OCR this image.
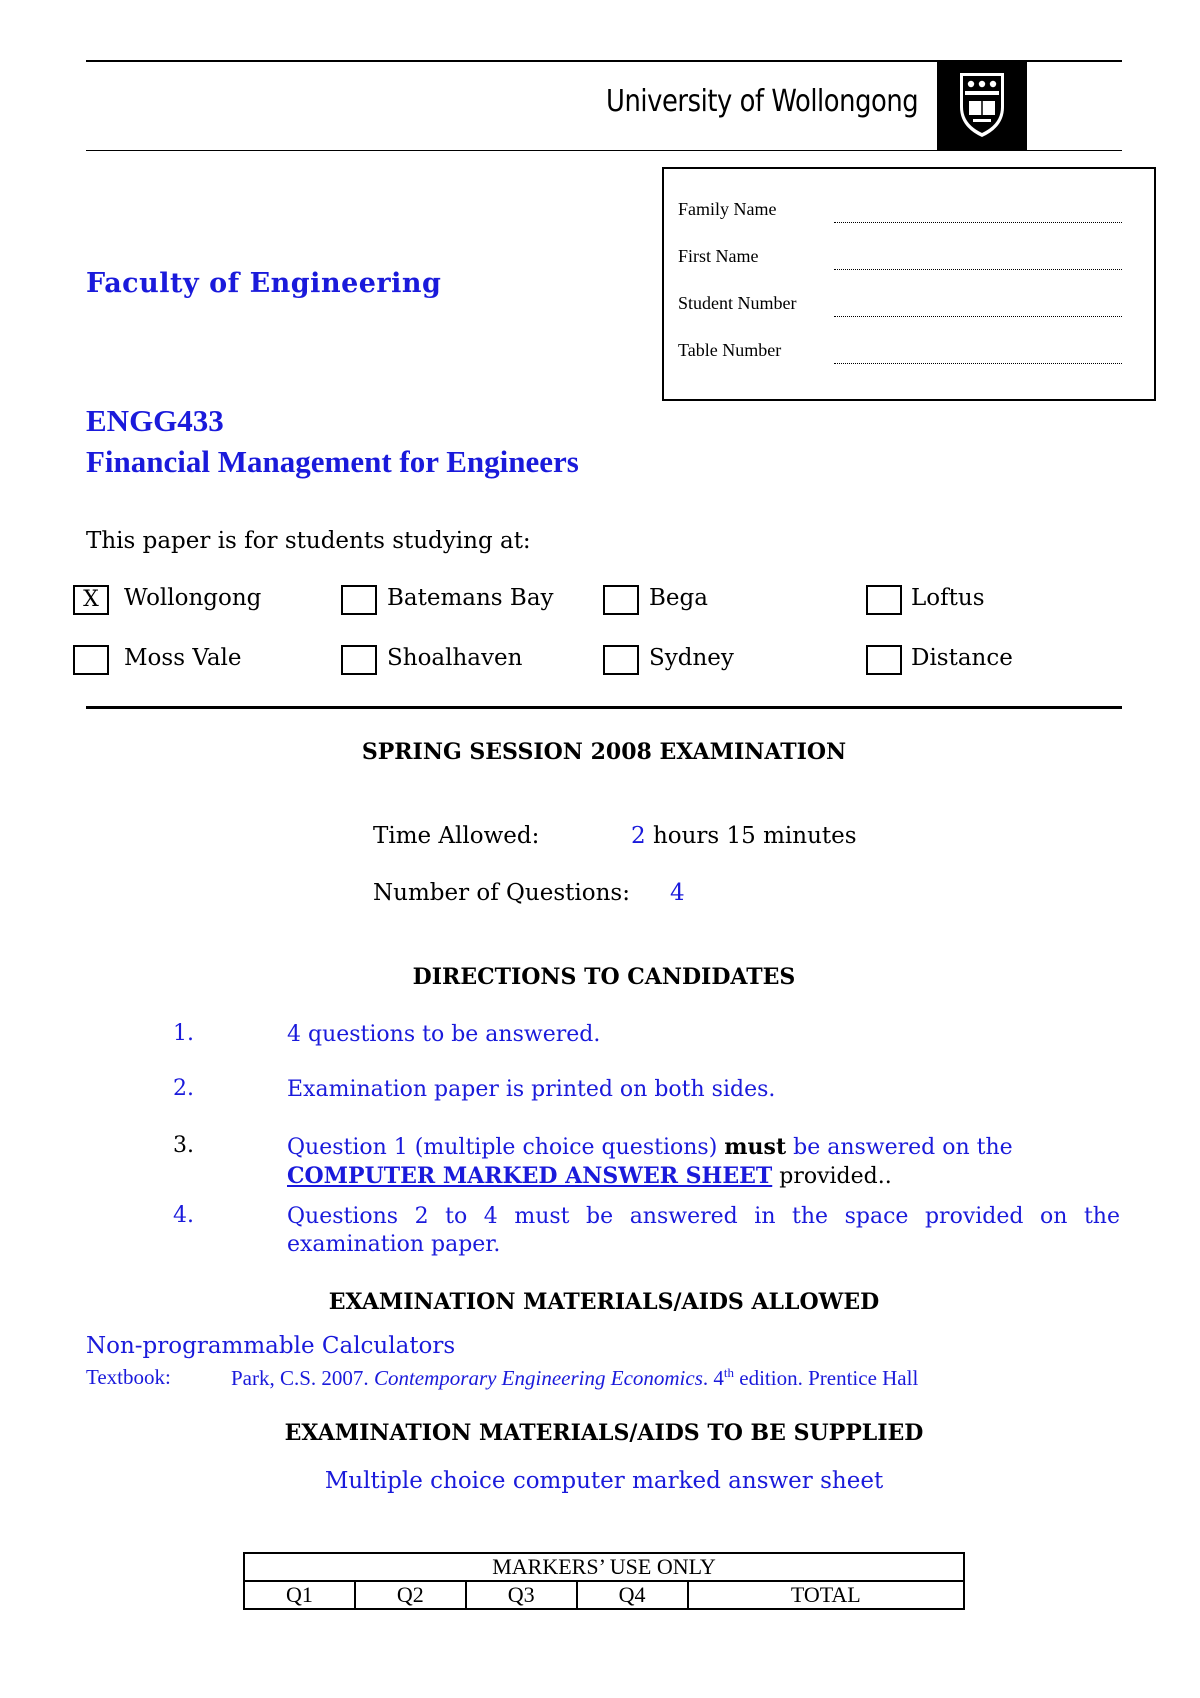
University of Wollongong
Family Name
First Name
Student Number
Table Number
Faculty of Engineering
ENGG433
Financial Management for Engineers
This paper is for students studying at:
X	Wollongong	Batemans Bay	Bega	Loftus
Moss Vale	Shoalhaven	Sydney	Distance
SPRING SESSION 2008 EXAMINATION
Time Allowed:	2 hours 15 minutes
Number of Questions: 4
DIRECTIONS TO CANDIDATES
1.	4 questions to be answered.
2.	Examination paper is printed on both sides.
3.	Question 1 (multiple choice questions) must be answered on the
COMPUTER MARKED ANSWER SHEET provided..
4.	Questions 2 to 4 must be answered in the space provided on the examination paper.
EXAMINATION MATERIALS/AIDS ALLOWED
Non-programmable Calculators
Textbook:	Park, C.S. 2007. Contemporary Engineering Economics. 4th edition. Prentice Hall
EXAMINATION MATERIALS/AIDS TO BE SUPPLIED
Multiple choice computer marked answer sheet
MARKERS’ USE ONLY
Q1	Q2	Q3	Q4	TOTAL
